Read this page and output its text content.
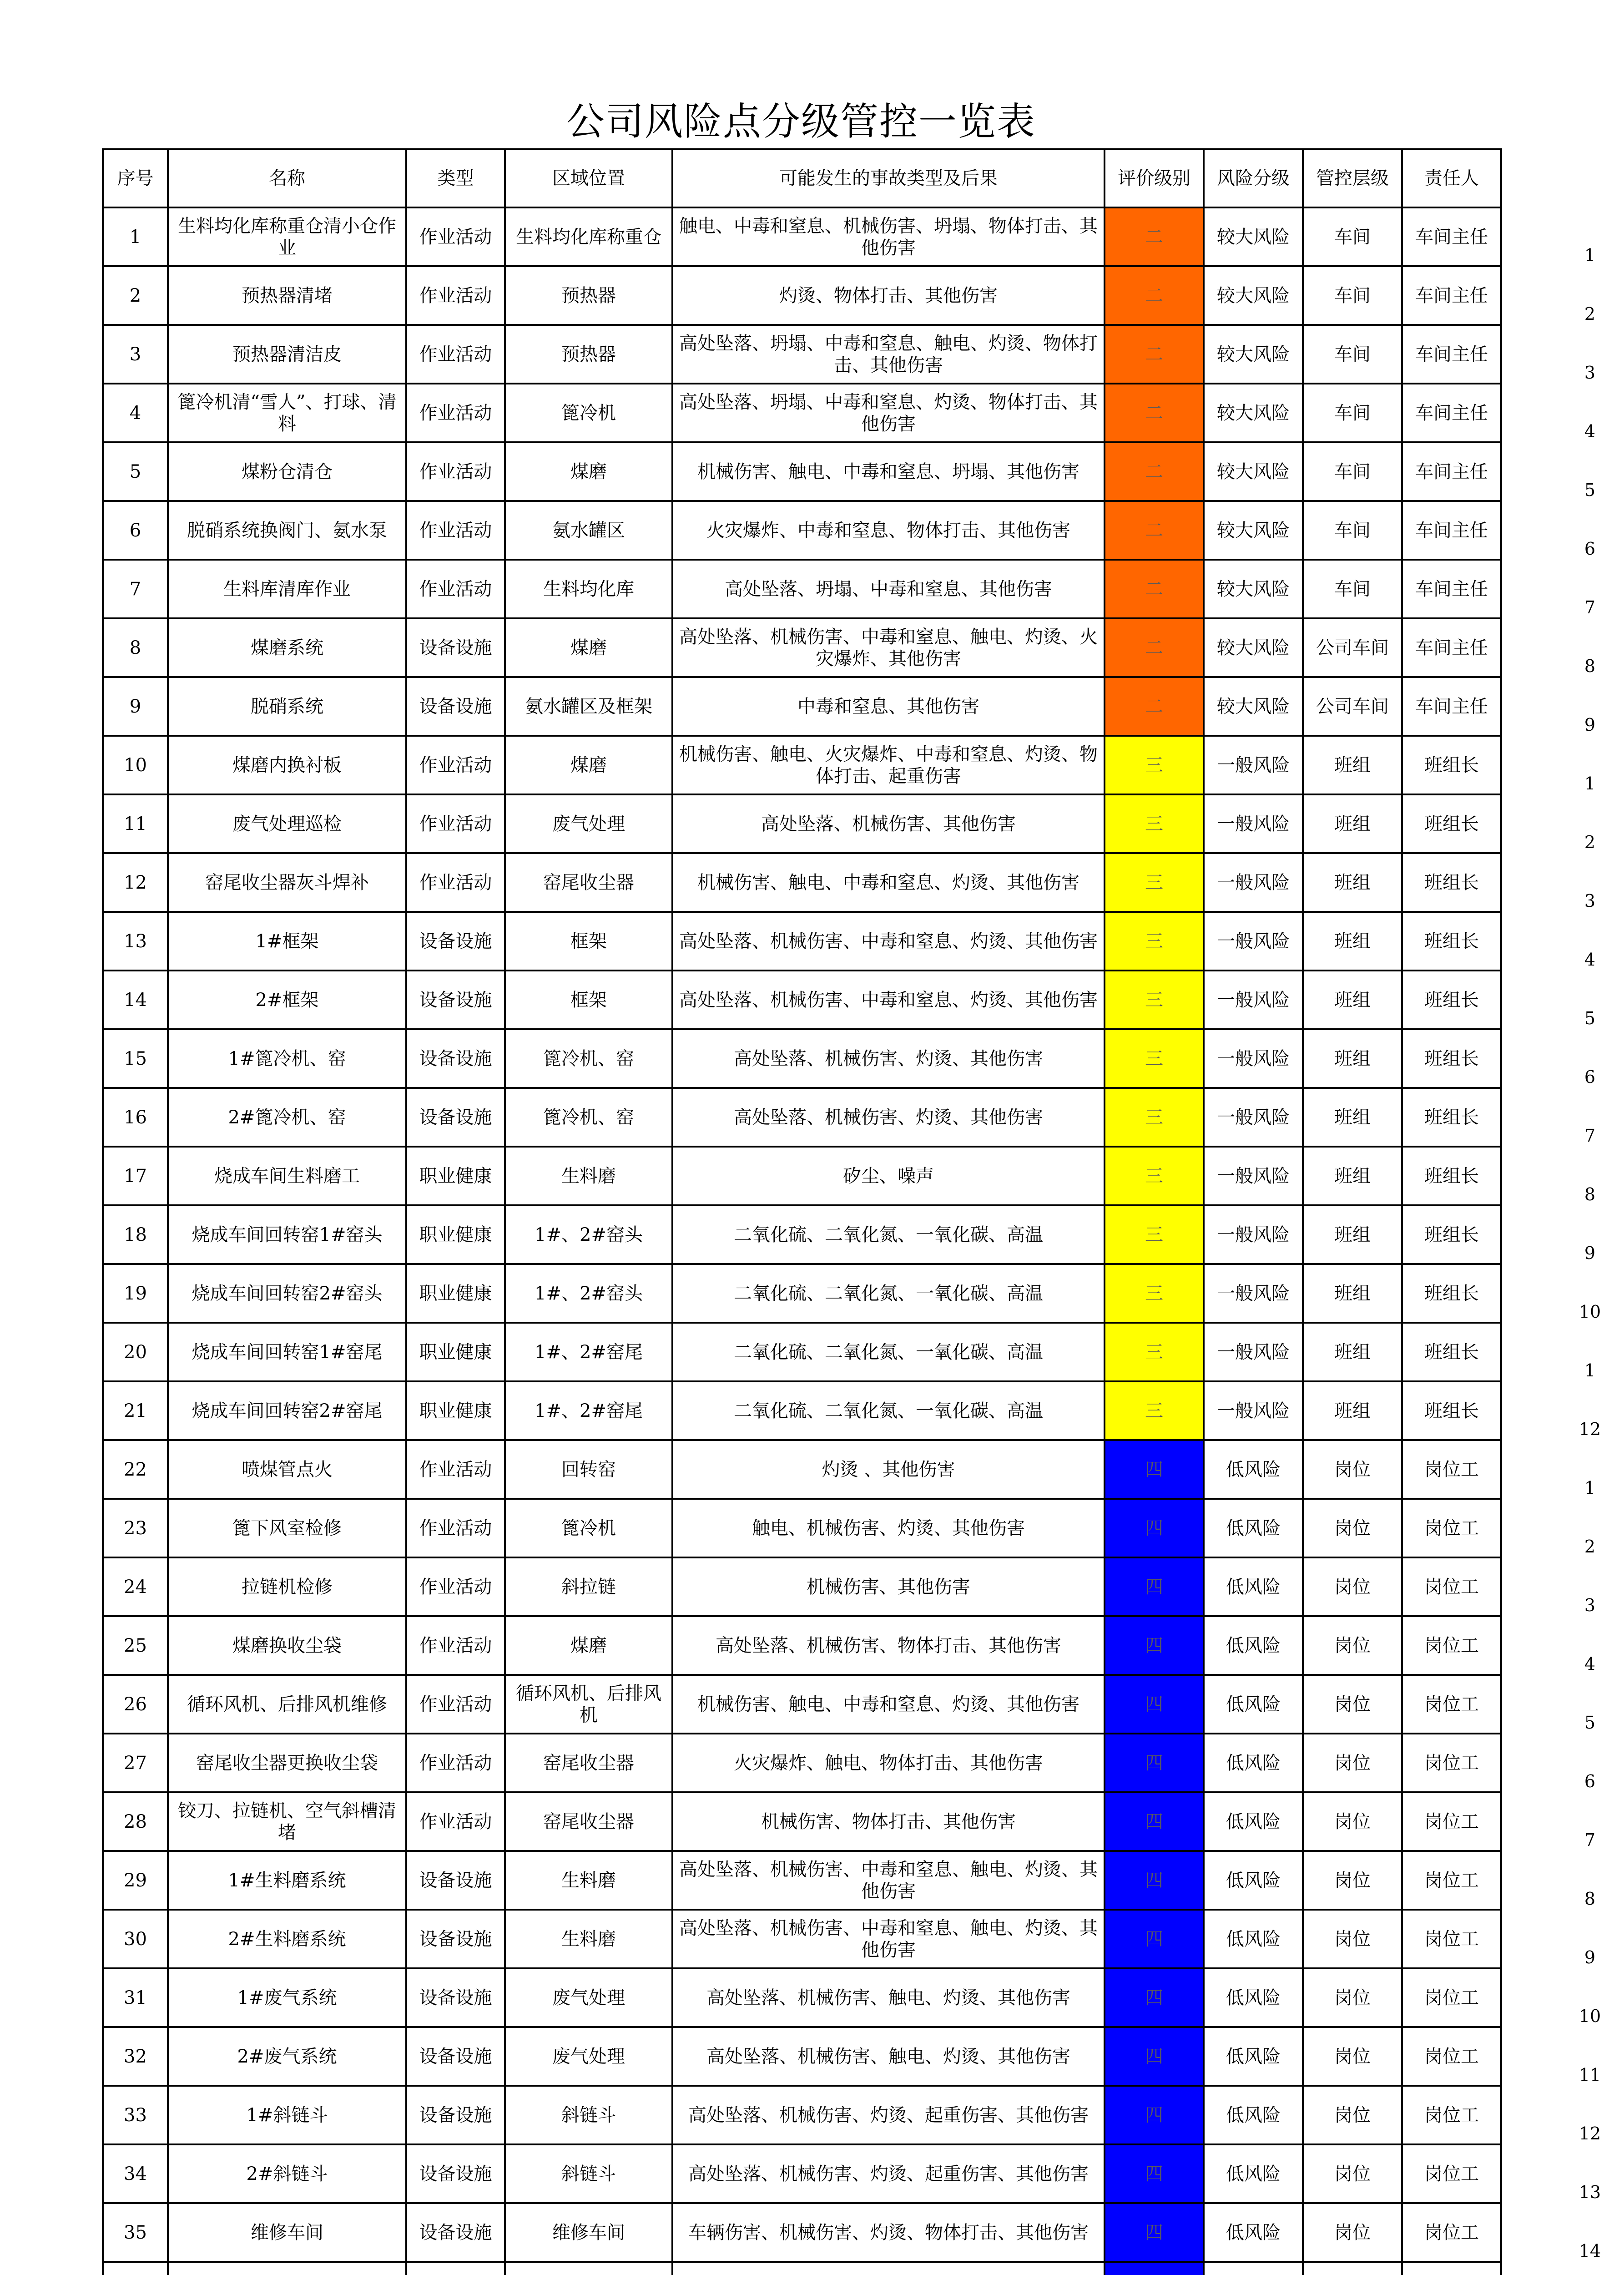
公司风险点分级管控一览表
序号	名称	类型	区域位置	可能发生的事故类型及后果	评价级别	风险分级	管控层级	责任人
1	生料均化库称重仓清小仓作业	作业活动	生料均化库称重仓	触电、中毒和窒息、机械伤害、坍塌、物体打击、其他伤害	二	较大风险	车间	车间主任
2	预热器清堵	作业活动	预热器	灼烫、物体打击、其他伤害	二	较大风险	车间	车间主任
3	预热器清洁皮	作业活动	预热器	高处坠落、坍塌、中毒和窒息、触电、灼烫、物体打击、其他伤害	二	较大风险	车间	车间主任
4	篦冷机清“雪人”、打球、清料	作业活动	篦冷机	高处坠落、坍塌、中毒和窒息、灼烫、物体打击、其他伤害	二	较大风险	车间	车间主任
5	煤粉仓清仓	作业活动	煤磨	机械伤害、触电、中毒和窒息、坍塌、其他伤害	二	较大风险	车间	车间主任
6	脱硝系统换阀门、氨水泵	作业活动	氨水罐区	火灾爆炸、中毒和窒息、物体打击、其他伤害	二	较大风险	车间	车间主任
7	生料库清库作业	作业活动	生料均化库	高处坠落、坍塌、中毒和窒息、其他伤害	二	较大风险	车间	车间主任
8	煤磨系统	设备设施	煤磨	高处坠落、机械伤害、中毒和窒息、触电、灼烫、火灾爆炸、其他伤害	二	较大风险	公司车间	车间主任
9	脱硝系统	设备设施	氨水罐区及框架	中毒和窒息、其他伤害	二	较大风险	公司车间	车间主任
10	煤磨内换衬板	作业活动	煤磨	机械伤害、触电、火灾爆炸、中毒和窒息、灼烫、物体打击、起重伤害	三	一般风险	班组	班组长
11	废气处理巡检	作业活动	废气处理	高处坠落、机械伤害、其他伤害	三	一般风险	班组	班组长
12	窑尾收尘器灰斗焊补	作业活动	窑尾收尘器	机械伤害、触电、中毒和窒息、灼烫、其他伤害	三	一般风险	班组	班组长
13	1#框架	设备设施	框架	高处坠落、机械伤害、中毒和窒息、灼烫、其他伤害	三	一般风险	班组	班组长
14	2#框架	设备设施	框架	高处坠落、机械伤害、中毒和窒息、灼烫、其他伤害	三	一般风险	班组	班组长
15	1#篦冷机、窑	设备设施	篦冷机、窑	高处坠落、机械伤害、灼烫、其他伤害	三	一般风险	班组	班组长
16	2#篦冷机、窑	设备设施	篦冷机、窑	高处坠落、机械伤害、灼烫、其他伤害	三	一般风险	班组	班组长
17	烧成车间生料磨工	职业健康	生料磨	矽尘、噪声	三	一般风险	班组	班组长
18	烧成车间回转窑1#窑头	职业健康	1#、2#窑头	二氧化硫、二氧化氮、一氧化碳、高温	三	一般风险	班组	班组长
19	烧成车间回转窑2#窑头	职业健康	1#、2#窑头	二氧化硫、二氧化氮、一氧化碳、高温	三	一般风险	班组	班组长
20	烧成车间回转窑1#窑尾	职业健康	1#、2#窑尾	二氧化硫、二氧化氮、一氧化碳、高温	三	一般风险	班组	班组长
21	烧成车间回转窑2#窑尾	职业健康	1#、2#窑尾	二氧化硫、二氧化氮、一氧化碳、高温	三	一般风险	班组	班组长
22	喷煤管点火	作业活动	回转窑	灼烫 、其他伤害	四	低风险	岗位	岗位工
23	篦下风室检修	作业活动	篦冷机	触电、机械伤害、灼烫、其他伤害	四	低风险	岗位	岗位工
24	拉链机检修	作业活动	斜拉链	机械伤害、其他伤害	四	低风险	岗位	岗位工
25	煤磨换收尘袋	作业活动	煤磨	高处坠落、机械伤害、物体打击、其他伤害	四	低风险	岗位	岗位工
26	循环风机、后排风机维修	作业活动	循环风机、后排风机	机械伤害、触电、中毒和窒息、灼烫、其他伤害	四	低风险	岗位	岗位工
27	窑尾收尘器更换收尘袋	作业活动	窑尾收尘器	火灾爆炸、触电、物体打击、其他伤害	四	低风险	岗位	岗位工
28	铰刀、拉链机、空气斜槽清堵	作业活动	窑尾收尘器	机械伤害、物体打击、其他伤害	四	低风险	岗位	岗位工
29	1#生料磨系统	设备设施	生料磨	高处坠落、机械伤害、中毒和窒息、触电、灼烫、其他伤害	四	低风险	岗位	岗位工
30	2#生料磨系统	设备设施	生料磨	高处坠落、机械伤害、中毒和窒息、触电、灼烫、其他伤害	四	低风险	岗位	岗位工
31	1#废气系统	设备设施	废气处理	高处坠落、机械伤害、触电、灼烫、其他伤害	四	低风险	岗位	岗位工
32	2#废气系统	设备设施	废气处理	高处坠落、机械伤害、触电、灼烫、其他伤害	四	低风险	岗位	岗位工
33	1#斜链斗	设备设施	斜链斗	高处坠落、机械伤害、灼烫、起重伤害、其他伤害	四	低风险	岗位	岗位工
34	2#斜链斗	设备设施	斜链斗	高处坠落、机械伤害、灼烫、起重伤害、其他伤害	四	低风险	岗位	岗位工
35	维修车间	设备设施	维修车间	车辆伤害、机械伤害、灼烫、物体打击、其他伤害	四	低风险	岗位	岗位工

1
2
3
4
5
6
7
8
9
1
2
3
4
5
6
7
8
9
10
1
12
1
2
3
4
5
6
7
8
9
10
11
12
13
14
